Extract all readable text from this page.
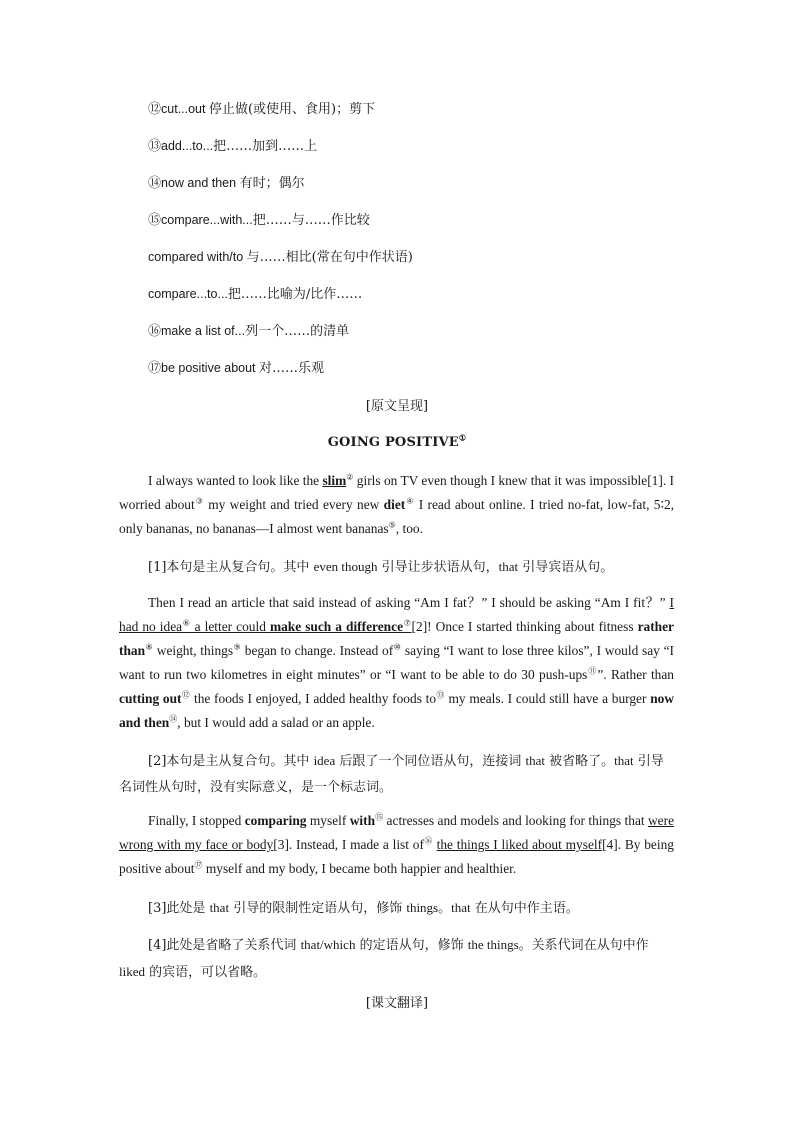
⑫cut...out 停止做(或使用、食用)；剪下
⑬add...to...把……加到……上
⑭now and then 有时；偶尔
⑮compare...with...把……与……作比较
compared with/to 与……相比(常在句中作状语)
compare...to...把……比喻为/比作……
⑯make a list of...列一个……的清单
⑰be positive about 对……乐观
[原文呈现]
GOING POSITIVE①
I always wanted to look like the slim② girls on TV even though I knew that it was impossible[1]. I worried about③ my weight and tried every new diet④ I read about online. I tried no-fat, low-fat, 5∶2, only bananas, no bananas—I almost went bananas⑤, too.
[1]本句是主从复合句。其中 even though 引导让步状语从句，that 引导宾语从句。
Then I read an article that said instead of asking “Am I fat？” I should be asking “Am I fit？” I had no idea⑥ a letter could make such a difference⑦[2]! Once I started thinking about fitness rather than⑧ weight, things⑨ began to change. Instead of⑩ saying “I want to lose three kilos”, I would say “I want to run two kilometres in eight minutes” or “I want to be able to do 30 push-ups⑪”. Rather than cutting out⑫ the foods I enjoyed, I added healthy foods to⑬ my meals. I could still have a burger now and then⑭, but I would add a salad or an apple.
[2]本句是主从复合句。其中 idea 后跟了一个同位语从句，连接词 that 被省略了。that 引导名词性从句时，没有实际意义，是一个标志词。
Finally, I stopped comparing myself with⑮ actresses and models and looking for things that were wrong with my face or body[3]. Instead, I made a list of⑯ the things I liked about myself[4]. By being positive about⑰ myself and my body, I became both happier and healthier.
[3]此处是 that 引导的限制性定语从句，修饰 things。that 在从句中作主语。
[4]此处是省略了关系代词 that/which 的定语从句，修饰 the things。关系代词在从句中作 liked 的宾语，可以省略。
[课文翻译]
